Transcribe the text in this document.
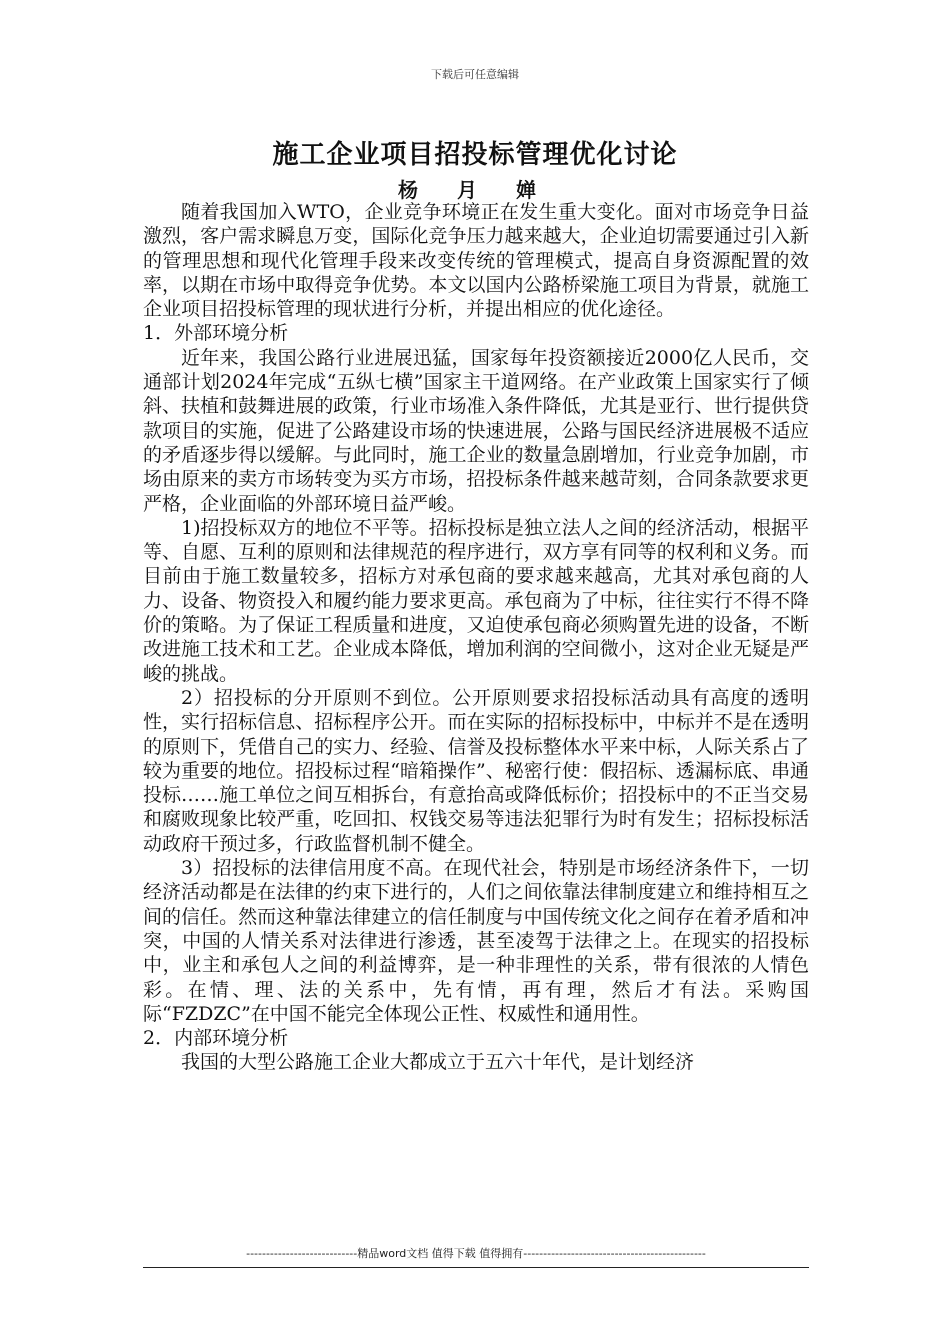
下载后可任意编辑
施工企业项目招投标管理优化讨论
杨 月 婵

随着我国加入WTO，企业竞争环境正在发生重大变化。面对市场竞争日益激烈，客户需求瞬息万变，国际化竞争压力越来越大，企业迫切需要通过引入新的管理思想和现代化管理手段来改变传统的管理模式，提高自身资源配置的效率，以期在市场中取得竞争优势。本文以国内公路桥梁施工项目为背景，就施工企业项目招投标管理的现状进行分析，并提出相应的优化途径。

1．外部环境分析

近年来，我国公路行业进展迅猛，国家每年投资额接近2000亿人民币，交通部计划2024年完成“五纵七横”国家主干道网络。在产业政策上国家实行了倾斜、扶植和鼓舞进展的政策，行业市场准入条件降低，尤其是亚行、世行提供贷款项目的实施，促进了公路建设市场的快速进展，公路与国民经济进展极不适应的矛盾逐步得以缓解。与此同时，施工企业的数量急剧增加，行业竞争加剧，市场由原来的卖方市场转变为买方市场，招投标条件越来越苛刻，合同条款要求更严格，企业面临的外部环境日益严峻。

1)招投标双方的地位不平等。招标投标是独立法人之间的经济活动，根据平等、自愿、互利的原则和法律规范的程序进行，双方享有同等的权利和义务。而目前由于施工数量较多，招标方对承包商的要求越来越高，尤其对承包商的人力、设备、物资投入和履约能力要求更高。承包商为了中标，往往实行不得不降价的策略。为了保证工程质量和进度，又迫使承包商必须购置先进的设备，不断改进施工技术和工艺。企业成本降低，增加利润的空间微小，这对企业无疑是严峻的挑战。

2）招投标的分开原则不到位。公开原则要求招投标活动具有高度的透明性，实行招标信息、招标程序公开。而在实际的招标投标中，中标并不是在透明的原则下，凭借自己的实力、经验、信誉及投标整体水平来中标，人际关系占了较为重要的地位。招投标过程“暗箱操作”、秘密行使：假招标、透漏标底、串通投标……施工单位之间互相拆台，有意抬高或降低标价；招投标中的不正当交易和腐败现象比较严重，吃回扣、权钱交易等违法犯罪行为时有发生；招标投标活动政府干预过多，行政监督机制不健全。

3）招投标的法律信用度不高。在现代社会，特别是市场经济条件下，一切经济活动都是在法律的约束下进行的，人们之间依靠法律制度建立和维持相互之间的信任。然而这种靠法律建立的信任制度与中国传统文化之间存在着矛盾和冲突，中国的人情关系对法律进行渗透，甚至凌驾于法律之上。在现实的招投标中，业主和承包人之间的利益博弈，是一种非理性的关系，带有很浓的人情色彩。在情、理、法的关系中，先有情，再有理，然后才有法。采购国际“FZDZC”在中国不能完全体现公正性、权威性和通用性。

2．内部环境分析

我国的大型公路施工企业大都成立于五六十年代，是计划经济

----------------------------精品word文档 值得下载 值得拥有----------------------------------------------
